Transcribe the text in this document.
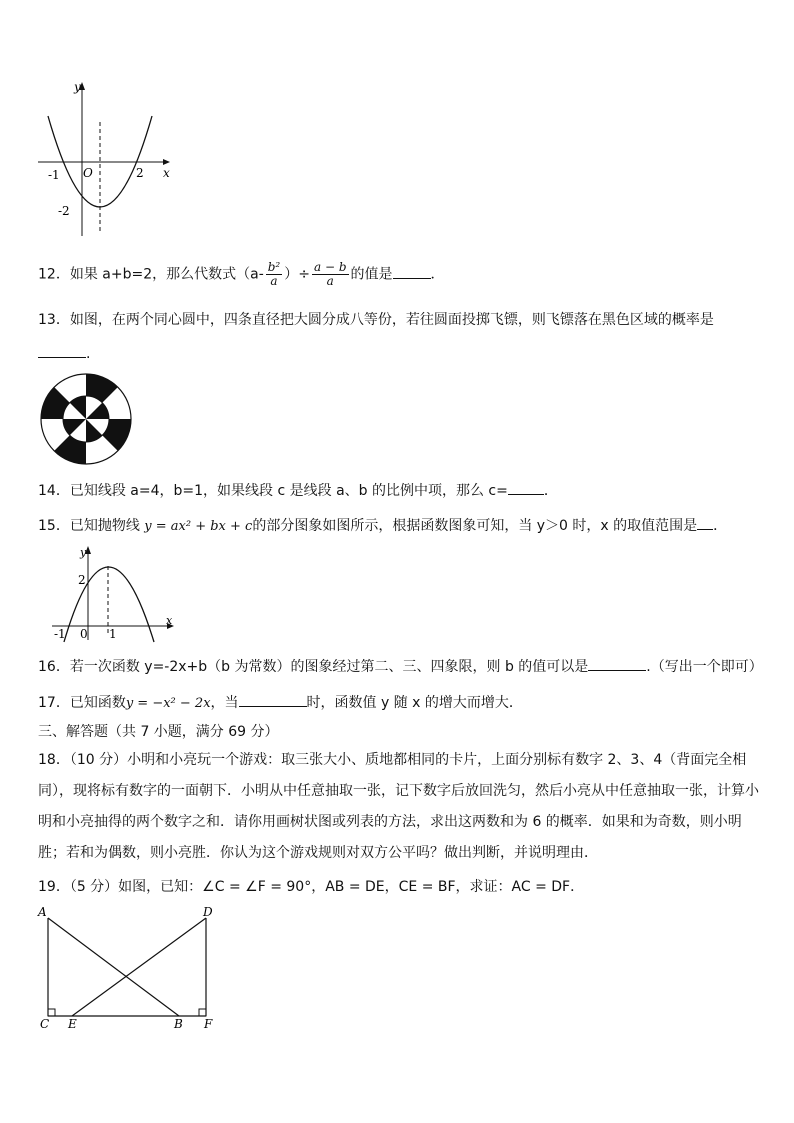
y
x
O
-1	2
-2
12．如果 a+b=2，那么代数式（$a- \frac{\text{b²}}{a}$ ）÷ $\frac{a - b}{a}$ 的值是	．
13．如图，在两个同心圆中，四条直径把大圆分成八等份，若往圆面投掷飞镖，则飞镖落在黑色区域的概率是
.
14．已知线段 a=4，b=1，如果线段 c 是线段 a、b 的比例中项，那么 c=	．
15．已知抛物线 y = ax² + bx + c的部分图象如图所示，根据函数图象可知，当 y＞0 时，x 的取值范围是 ．
y
x
2
-1 0 1
16．若一次函数 y=-2x+b（b 为常数）的图象经过第二、三、四象限，则 b 的值可以是	.（写出一个即可）
17．已知函数y = −x² − 2x，当	时，函数值 y 随 x 的增大而增大．
三、解答题（共 7 小题，满分 69 分）
18．（10 分）小明和小亮玩一个游戏：取三张大小、质地都相同的卡片，上面分别标有数字 2、3、4（背面完全相同），现将标有数字的一面朝下．小明从中任意抽取一张，记下数字后放回洗匀，然后小亮从中任意抽取一张，计算小明和小亮抽得的两个数字之和．请你用画树状图或列表的方法，求出这两数和为 6 的概率．如果和为奇数，则小明胜；若和为偶数，则小亮胜．你认为这个游戏规则对双方公平吗？做出判断，并说明理由．
19．（5 分）如图，已知：∠C = ∠F = 90°，AB = DE，CE = BF，求证：AC = DF．
A	D
C E	B F
